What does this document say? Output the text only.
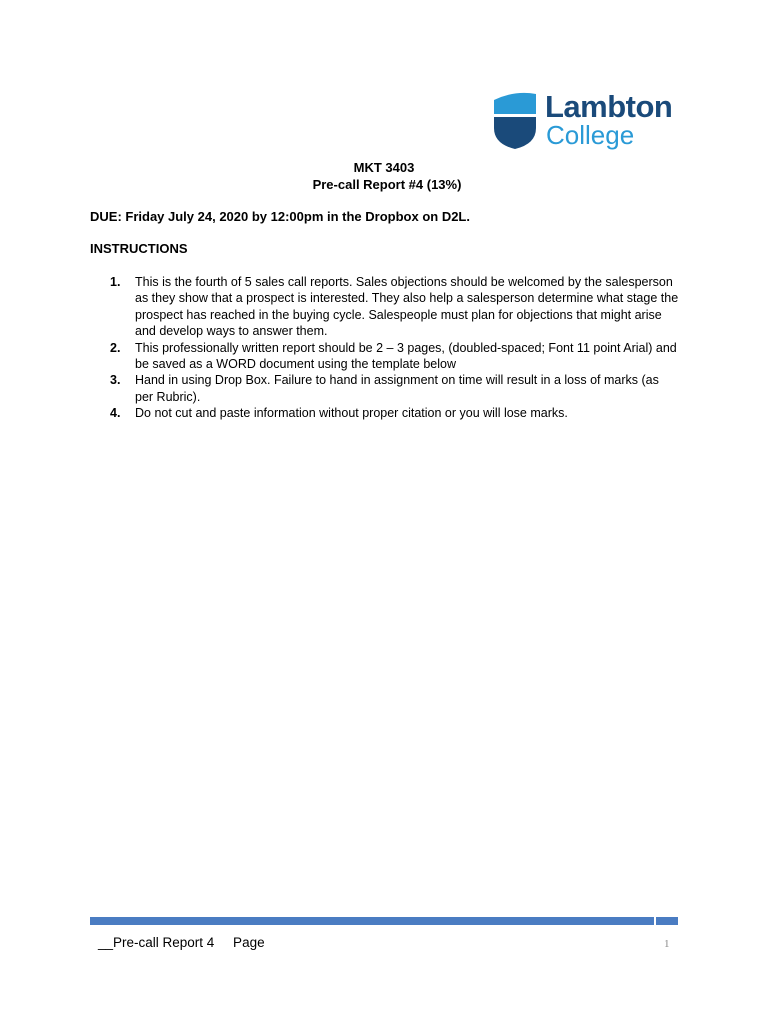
Lambton
College
MKT 3403
Pre-call Report #4 (13%)
DUE: Friday July 24, 2020 by 12:00pm in the Dropbox on D2L.
INSTRUCTIONS
1.	This is the fourth of 5 sales call reports. Sales objections should be welcomed by the salesperson as they show that a prospect is interested. They also help a salesperson determine what stage the prospect has reached in the buying cycle. Salespeople must plan for objections that might arise and develop ways to answer them.
2.	This professionally written report should be 2 – 3 pages, (doubled-spaced; Font 11 point Arial) and be saved as a WORD document using the template below
3.	Hand in using Drop Box. Failure to hand in assignment on time will result in a loss of marks (as per Rubric).
4.	Do not cut and paste information without proper citation or you will lose marks.
__Pre-call Report 4     Page	1
